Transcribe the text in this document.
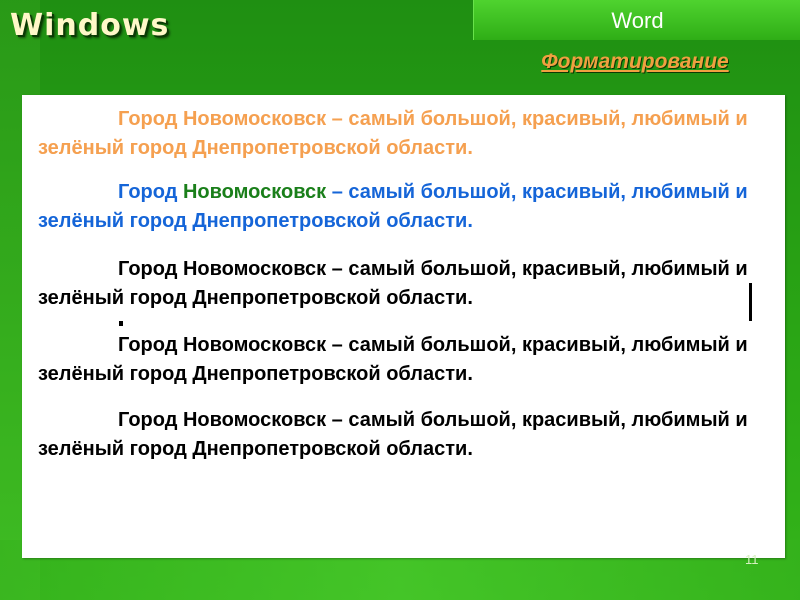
Windows	Word
Форматирование

Город Новомосковск – самый большой, красивый, любимый и зелёный город Днепропетровской области.

Город Новомосковск – самый большой, красивый, любимый и зелёный город Днепропетровской области.

Город Новомосковск – самый большой, красивый, любимый и зелёный город Днепропетровской области.

Город Новомосковск – самый большой, красивый, любимый и зелёный город Днепропетровской области.

Город Новомосковск – самый большой, красивый, любимый и зелёный город Днепропетровской области.

11
